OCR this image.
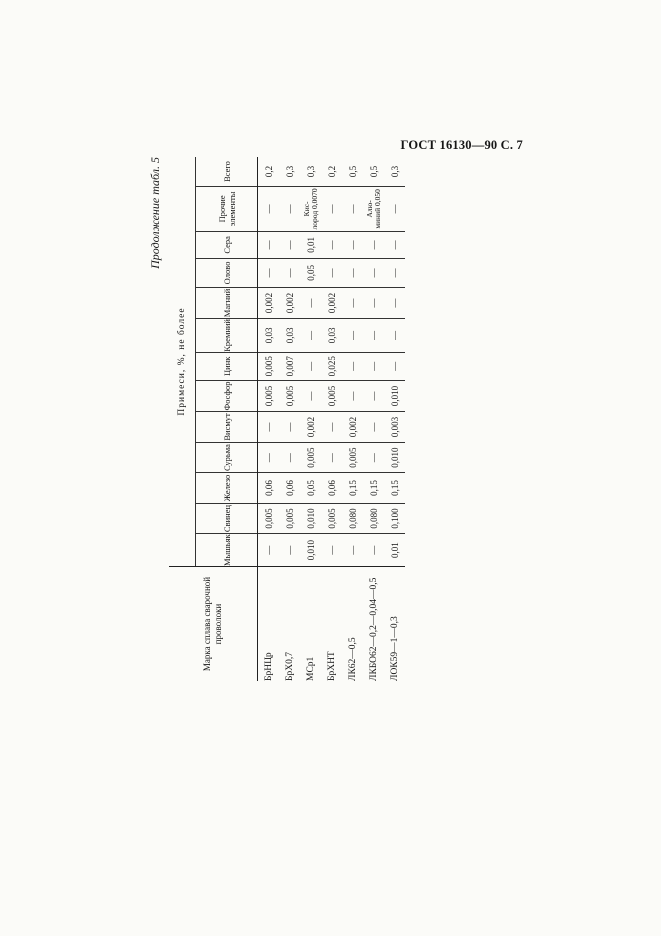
ГОСТ 16130—90 С. 7
Продолжение табл. 5
Марка сплава сварочной проволоки	Примеси, %, не более												
	Мышьяк	Свинец	Железо	Сурьма	Висмут	Фосфор	Цинк	Кремний	Магний	Олово	Сера	Прочие элементы	Всего
БрНЦр	—	0,005	0,06	—	—	0,005	0,005	0,03	0,002	—	—	—	0,2
БрХ0,7	—	0,005	0,06	—	—	0,005	0,007	0,03	0,002	—	—	—	0,3
МСр1	0,010	0,010	0,05	0,005	0,002	—	—	—	—	0,05	0,01	Кис- лород 0,0070	0,3
БрХНТ	—	0,005	0,06	—	—	0,005	0,025	0,03	0,002	—	—	—	0,2
ЛК62—0,5	—	0,080	0,15	0,005	0,002	—	—	—	—	—	—	—	0,5
ЛКБО62—0,2—0,04—0,5	—	0,080	0,15	—	—	—	—	—	—	—	—	Алю- миний 0,050	0,5
ЛОК59—1—0,3	0,01	0,100	0,15	0,010	0,003	0,010	—	—	—	—	—	—	0,3
